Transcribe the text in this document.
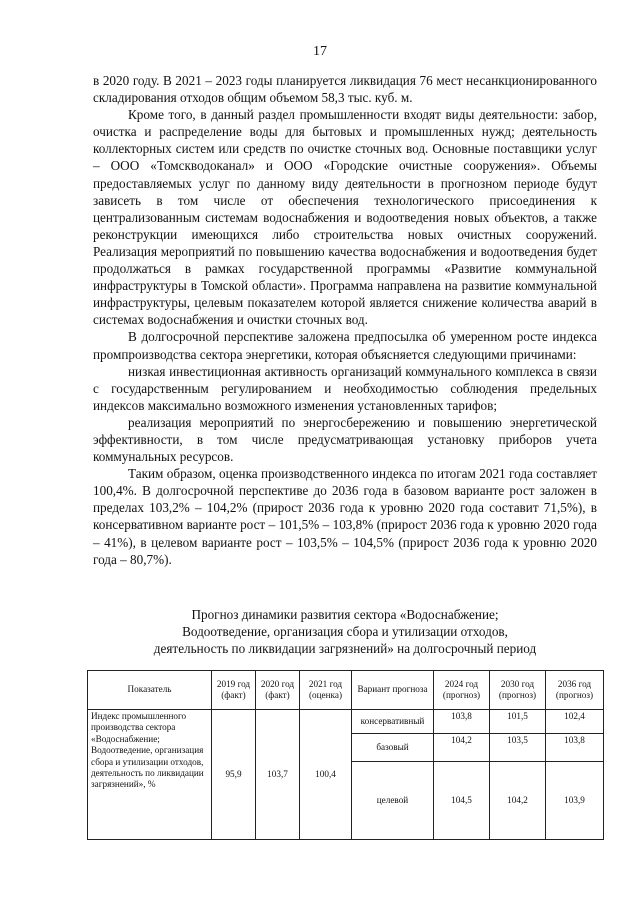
17

в 2020 году. В 2021 – 2023 годы планируется ликвидация 76 мест несанкционированного складирования отходов общим объемом 58,3 тыс. куб. м.

Кроме того, в данный раздел промышленности входят виды деятельности: забор, очистка и распределение воды для бытовых и промышленных нужд; деятельность коллекторных систем или средств по очистке сточных вод. Основные поставщики услуг – ООО «Томскводоканал» и ООО «Городские очистные сооружения». Объемы предоставляемых услуг по данному виду деятельности в прогнозном периоде будут зависеть в том числе от обеспечения технологического присоединения к централизованным системам водоснабжения и водоотведения новых объектов, а также реконструкции имеющихся либо строительства новых очистных сооружений. Реализация мероприятий по повышению качества водоснабжения и водоотведения будет продолжаться в рамках государственной программы «Развитие коммунальной инфраструктуры в Томской области». Программа направлена на развитие коммунальной инфраструктуры, целевым показателем которой является снижение количества аварий в системах водоснабжения и очистки сточных вод.

В долгосрочной перспективе заложена предпосылка об умеренном росте индекса промпроизводства сектора энергетики, которая объясняется следующими причинами:

низкая инвестиционная активность организаций коммунального комплекса в связи с государственным регулированием и необходимостью соблюдения предельных индексов максимально возможного изменения установленных тарифов;

реализация мероприятий по энергосбережению и повышению энергетической эффективности, в том числе предусматривающая установку приборов учета коммунальных ресурсов.

Таким образом, оценка производственного индекса по итогам 2021 года составляет 100,4%. В долгосрочной перспективе до 2036 года в базовом варианте рост заложен в пределах 103,2% – 104,2% (прирост 2036 года к уровню 2020 года составит 71,5%), в консервативном варианте рост – 101,5% – 103,8% (прирост 2036 года к уровню 2020 года – 41%), в целевом варианте рост – 103,5% – 104,5% (прирост 2036 года к уровню 2020 года – 80,7%).

Прогноз динамики развития сектора «Водоснабжение;
Водоотведение, организация сбора и утилизации отходов,
деятельность по ликвидации загрязнений» на долгосрочный период
Показатель	2019 год (факт)	2020 год (факт)	2021 год (оценка)	Вариант прогноза	2024 год (прогноз)	2030 год (прогноз)	2036 год (прогноз)
Индекс промышленного производства сектора «Водоснабжение; Водоотведение, организация сбора и утилизации отходов, деятельность по ликвидации загрязнений», %	95,9	103,7	100,4	консервативный	103,8	101,5	102,4
				базовый	104,2	103,5	103,8
				целевой	104,5	104,2	103,9
